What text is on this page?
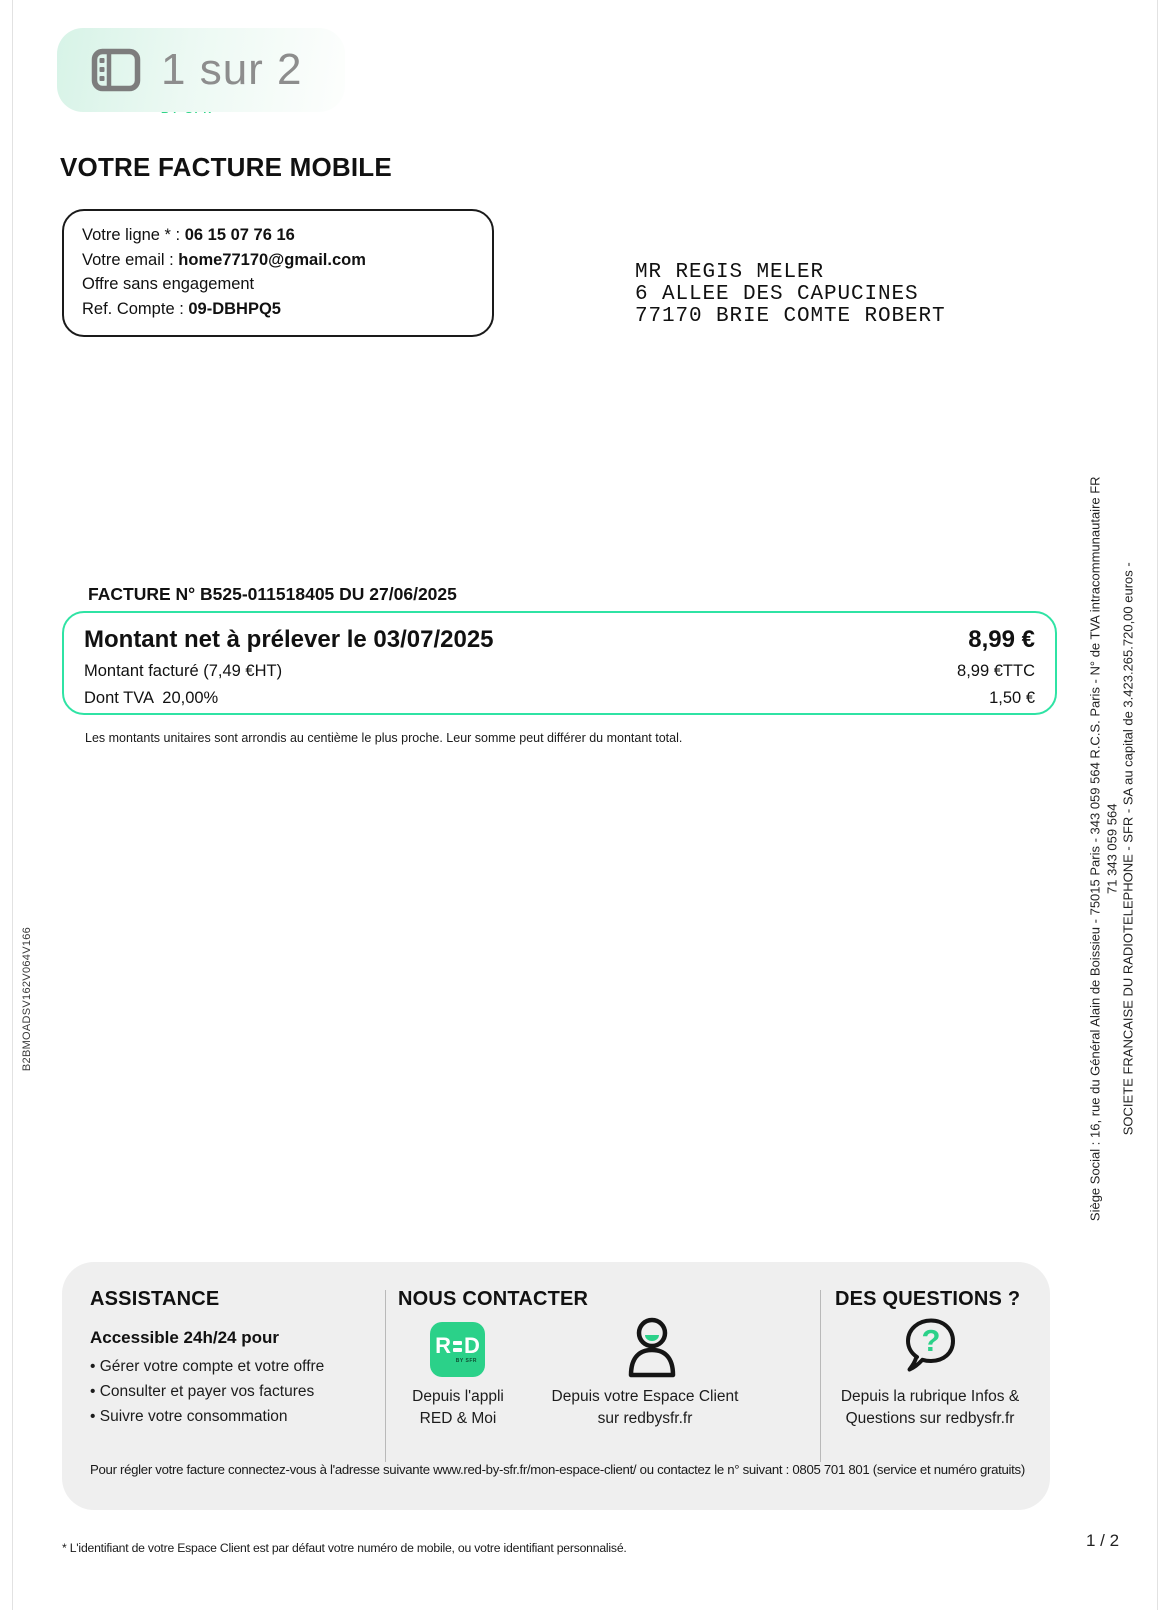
1 sur 2
VOTRE FACTURE MOBILE
Votre ligne * : 06 15 07 76 16
Votre email : home77170@gmail.com
Offre sans engagement
Ref. Compte : 09-DBHPQ5
MR REGIS MELER
6 ALLEE DES CAPUCINES
77170 BRIE COMTE ROBERT
FACTURE N° B525-011518405 DU 27/06/2025
Montant net à prélever le 03/07/2025
Montant facturé (7,49 €HT)
Dont TVA  20,00%
8,99 €
8,99 €TTC
1,50 €
Les montants unitaires sont arrondis au centième le plus proche. Leur somme peut différer du montant total.
B2BMOADSV162V064V166	Siège Social : 16, rue du Général Alain de Boissieu - 75015 Paris - 343 059 564 R.C.S. Paris - N° de TVA intracommunautaire FR 71 343 059 564 SOCIETE FRANCAISE DU RADIOTELEPHONE - SFR - SA au capital de 3.423.265.720,00 euros -
ASSISTANCE
Accessible 24h/24 pour
• Gérer votre compte et votre offre
• Consulter et payer vos factures
• Suivre votre consommation
NOUS CONTACTER
R D
BY SFR
Depuis l'appli
RED & Moi
Depuis votre Espace Client
sur redbysfr.fr
DES QUESTIONS ?
?
Depuis la rubrique Infos &
Questions sur redbysfr.fr
Pour régler votre facture connectez-vous à l'adresse suivante www.red-by-sfr.fr/mon-espace-client/ ou contactez le n° suivant : 0805 701 801 (service et numéro gratuits)
* L'identifiant de votre Espace Client est par défaut votre numéro de mobile, ou votre identifiant personnalisé.	1 / 2
